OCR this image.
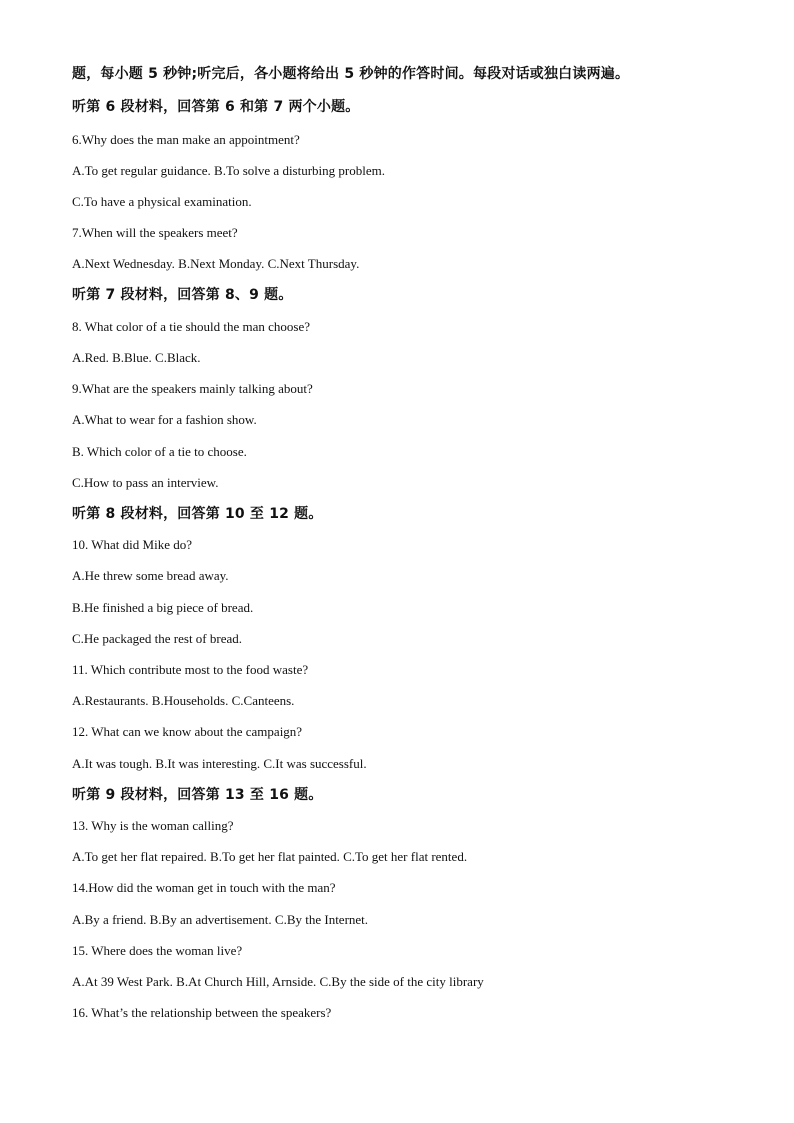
题，每小题 5 秒钟;听完后，各小题将给出 5 秒钟的作答时间。每段对话或独白读两遍。
听第 6 段材料，回答第 6 和第 7 两个小题。
6.Why does the man make an appointment?
A.To get regular guidance. B.To solve a disturbing problem.
C.To have a physical examination.
7.When will the speakers meet?
A.Next Wednesday. B.Next Monday. C.Next Thursday.
听第 7 段材料，回答第 8、9 题。
8. What color of a tie should the man choose?
A.Red. B.Blue. C.Black.
9.What are the speakers mainly talking about?
A.What to wear for a fashion show.
B. Which color of a tie to choose.
C.How to pass an interview.
听第 8 段材料，回答第 10 至 12 题。
10. What did Mike do?
A.He threw some bread away.
B.He finished a big piece of bread.
C.He packaged the rest of bread.
11. Which contribute most to the food waste?
A.Restaurants. B.Households. C.Canteens.
12. What can we know about the campaign?
A.It was tough. B.It was interesting. C.It was successful.
听第 9 段材料，回答第 13 至 16 题。
13. Why is the woman calling?
A.To get her flat repaired. B.To get her flat painted. C.To get her flat rented.
14.How did the woman get in touch with the man?
A.By a friend. B.By an advertisement. C.By the Internet.
15. Where does the woman live?
A.At 39 West Park. B.At Church Hill, Arnside. C.By the side of the city library
16. What’s the relationship between the speakers?
